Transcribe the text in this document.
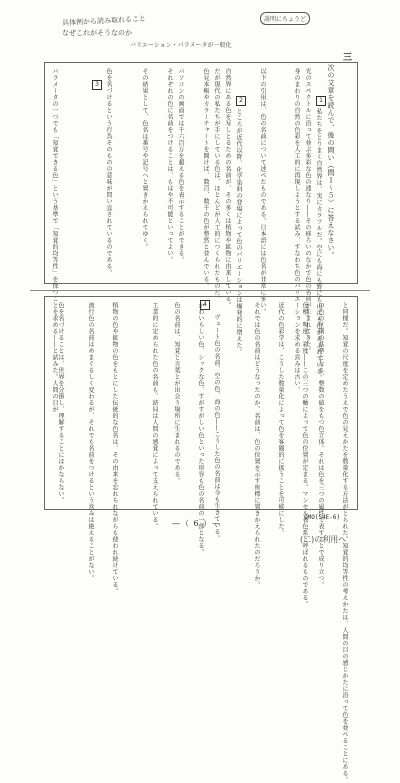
具体例から読み取れること
なぜこれがそうなのか
バリエーション・パラメータが一般化
説明にちょうど
三
次の文章を読んで、後の問い（問１〜５）に答えなさい。
1
2
3
私たちをとりまく自然界は、実にカラフルだ。空にも海にも野にも山にも色があふれている。
光のスペクトルに沿って並ぶ多彩な色の連なり――その移ろいのなかで色の名前が生まれてきた。
身のまわりの自然の色彩を人工的に再現しようとする試み、すなわち色のバリエーションを求める営みは古い。
以下の引用は、色の名前について述べたものである。日本語には色名が非常に多い。
ところが近代以降、化学染料の登場によって色のバリエーションは爆発的に増えた。
自然界にある色を写しとるための名前が、その多くは植物や鉱物に由来している。
だが現代の私たちが手にしている色は、ほとんどが人工的につくられたものだ。
色見本帳やカラーチャートを開けば、数百、数千の色が整然と並んでいる。
パソコンの画面では千六百万を超える色を表示することができる。
それぞれの色に名前をつけることは、もはや不可能といってよい。
その結果として、色名は番号や記号へと置きかえられてゆく。
色を名づけるという行為そのものの意味が問い直されているのである。
パラメータの一つでも「知覚できる色」という基準で「知覚的均等性」を保つことを求める――と試みた。人間の目が	4	と同様だ。知覚の尺度を定めたうえで色の見えかたを数量化する方法がとられた。知覚的均等性の考えかたは、人間の目の感じかたに沿って色を並べることにある。
の色の区別の基準となる、整数の値をもつ色立体。それは色を三つの属性で表すことで成り立つ。
色相、明度、彩度――この三つの軸によって色の位置が定まる。マンセル表色系と呼ばれるものである。
近代の色彩学は、こうした数量化によって色を客観的に扱うことを可能にした。
それでは色の名前はどうなったのか。名前は、色の位置を示す座標に置きかえられたのだろうか。
ヴェート色の名前、空の色、海の色――こうした色の名前は今も生きている。
かわいらしい色、シックな色、すがすがしい色といった形容も色の名前の一部となる。
色の名前は、知覚と言葉とが出会う場所に生まれるのである。
工業的に定められた色の名前も、結局は人間の感覚によって支えられている。
植物の色や鉱物の色をもとにした伝統的な色名は、その由来を忘れられながらも使われ続けている。
流行色の名前はめまぐるしく変わるが、それでも名前をつけるという営みは絶えることがない。
色を名づけることは、世界を分節し、理解することにほかならない。
—（ 6 ）—
OMO(S4E-6)
(二)の利用へ
